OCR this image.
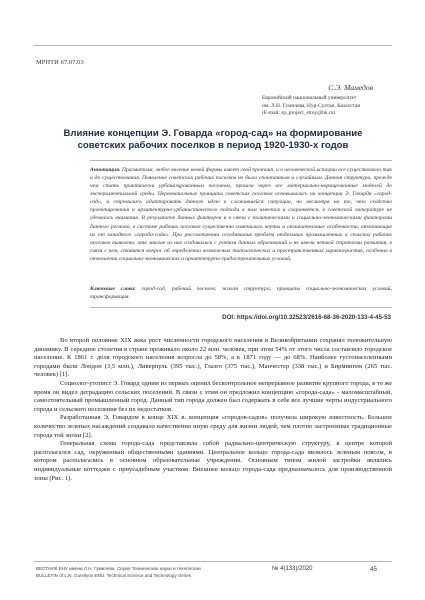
МРНТИ 67.07.03
С.Э. Мамедов
Евразийский национальный университет
им. Л.Н. Гумилева, Нур-Султан, Казахстан
(E-mail: sp_project_stroy@bk.ru)
Влияние концепции Э. Говарда «город-сад» на формирование
советских рабочих поселков в период 1920-1930-х годов
Аннотация. Прагматизм, любое явление новой формы имеет свой протоип, и в человеческой истории все существовало так и до существования. Появление советских рабочих поселков не было спонтанным и случайным. Данная структура, прежде чем стать практически урбанизированным поселком, прошла через все материально-нормированные моделей до экспериментальной среды. Первоначальные принципы советских поселков основывались на концепции Э. Говарда «город-сад», и стремились адаптировать данную идею к сложившейся ситуации, но несмотря на то, что сходство проектирования и архитектурно-урбанистического подхода к ним имеется и сохраняется, в советской литературе не уделялось внимания. В результате данных факторов и в связи с политическими и социально-экономическими факторами данного региона, в системе рабочих поселков существенно изменились черты и отличительные особенности, отличающие их от западного «города-сада». При рассмотрении сегодняшних проблем отдельных промышленных и сельских рабочих поселков выявлено, что многие из них создавались с учетом данных образований и не имели четкой стратегии развития, в связи с чем, ставится вопрос об определении возможных типологических и пространственных характеристик, особенно в отношении социально-экономических и архитектурно-градостроительных условий.
Ключевые слова: город-сад, рабочий поселок, жилая структура, принципы социально-экономических условий, трансформация.
DOI: https://doi.org/10.32523/2616-68-36-2020-133-4-45-53

Во второй половине XIX века рост численности городского населения в Великобритании сохранял положительную динамику. В середине столетия в стране проживало около 22 млн. человек, при этом 54% от этого числа составляло городское население. К 1861 г. доля городского населения возросла до 58%, а к 1871 году — до 68%. Наиболее густонаселенными городами были Лондон (3,5 млн.), Ливерпуль (395 тыс.), Глазго (375 тыс.), Манчестер (338 тыс.) и Бирмингем (265 тыс. человек) [1].

Социолог-утопист Э. Говард одним из первых оценил бесконтрольное непрерывное развитие крупного города, в то же время он видел деградацию сельских поселений. В связи с этим он предложил концепцию «города-сада» - маломасштабный, самостоятельный промышленный город. Данный тип города должен был содержать в себе все лучшие черты индустриального города и сельского поселения без их недостатков.

Разработанная Э. Говардом в конце XIX в. концепция «городов-садов» получила широкую известность. Большое количество зеленых насаждений создавало качественно иную среду для жизни людей, чем плотно застроенные традиционные города той эпохи [2].

Генеральная схема города-сада представляла собой радиально-центрическую структуру, в центре которой располагался сад, окруженный общественными зданиями. Центральное кольцо города-сада являлось зеленым поясом, в котором располагались в основном образовательные учреждения. Основным типом жилой застройки являлись индивидуальные коттеджи с приусадебным участком. Внешнее кольцо города-сада предназначалось для производственной зоны (Рис. 1).

ВЕСТНИК ЕНУ имени Л.Н. Гумилева. Серия Технические науки и технологии
BULLETIN of L.N. Gumilyov ENU. Technical Science and Technology Series
№ 4(133)/2020	45
